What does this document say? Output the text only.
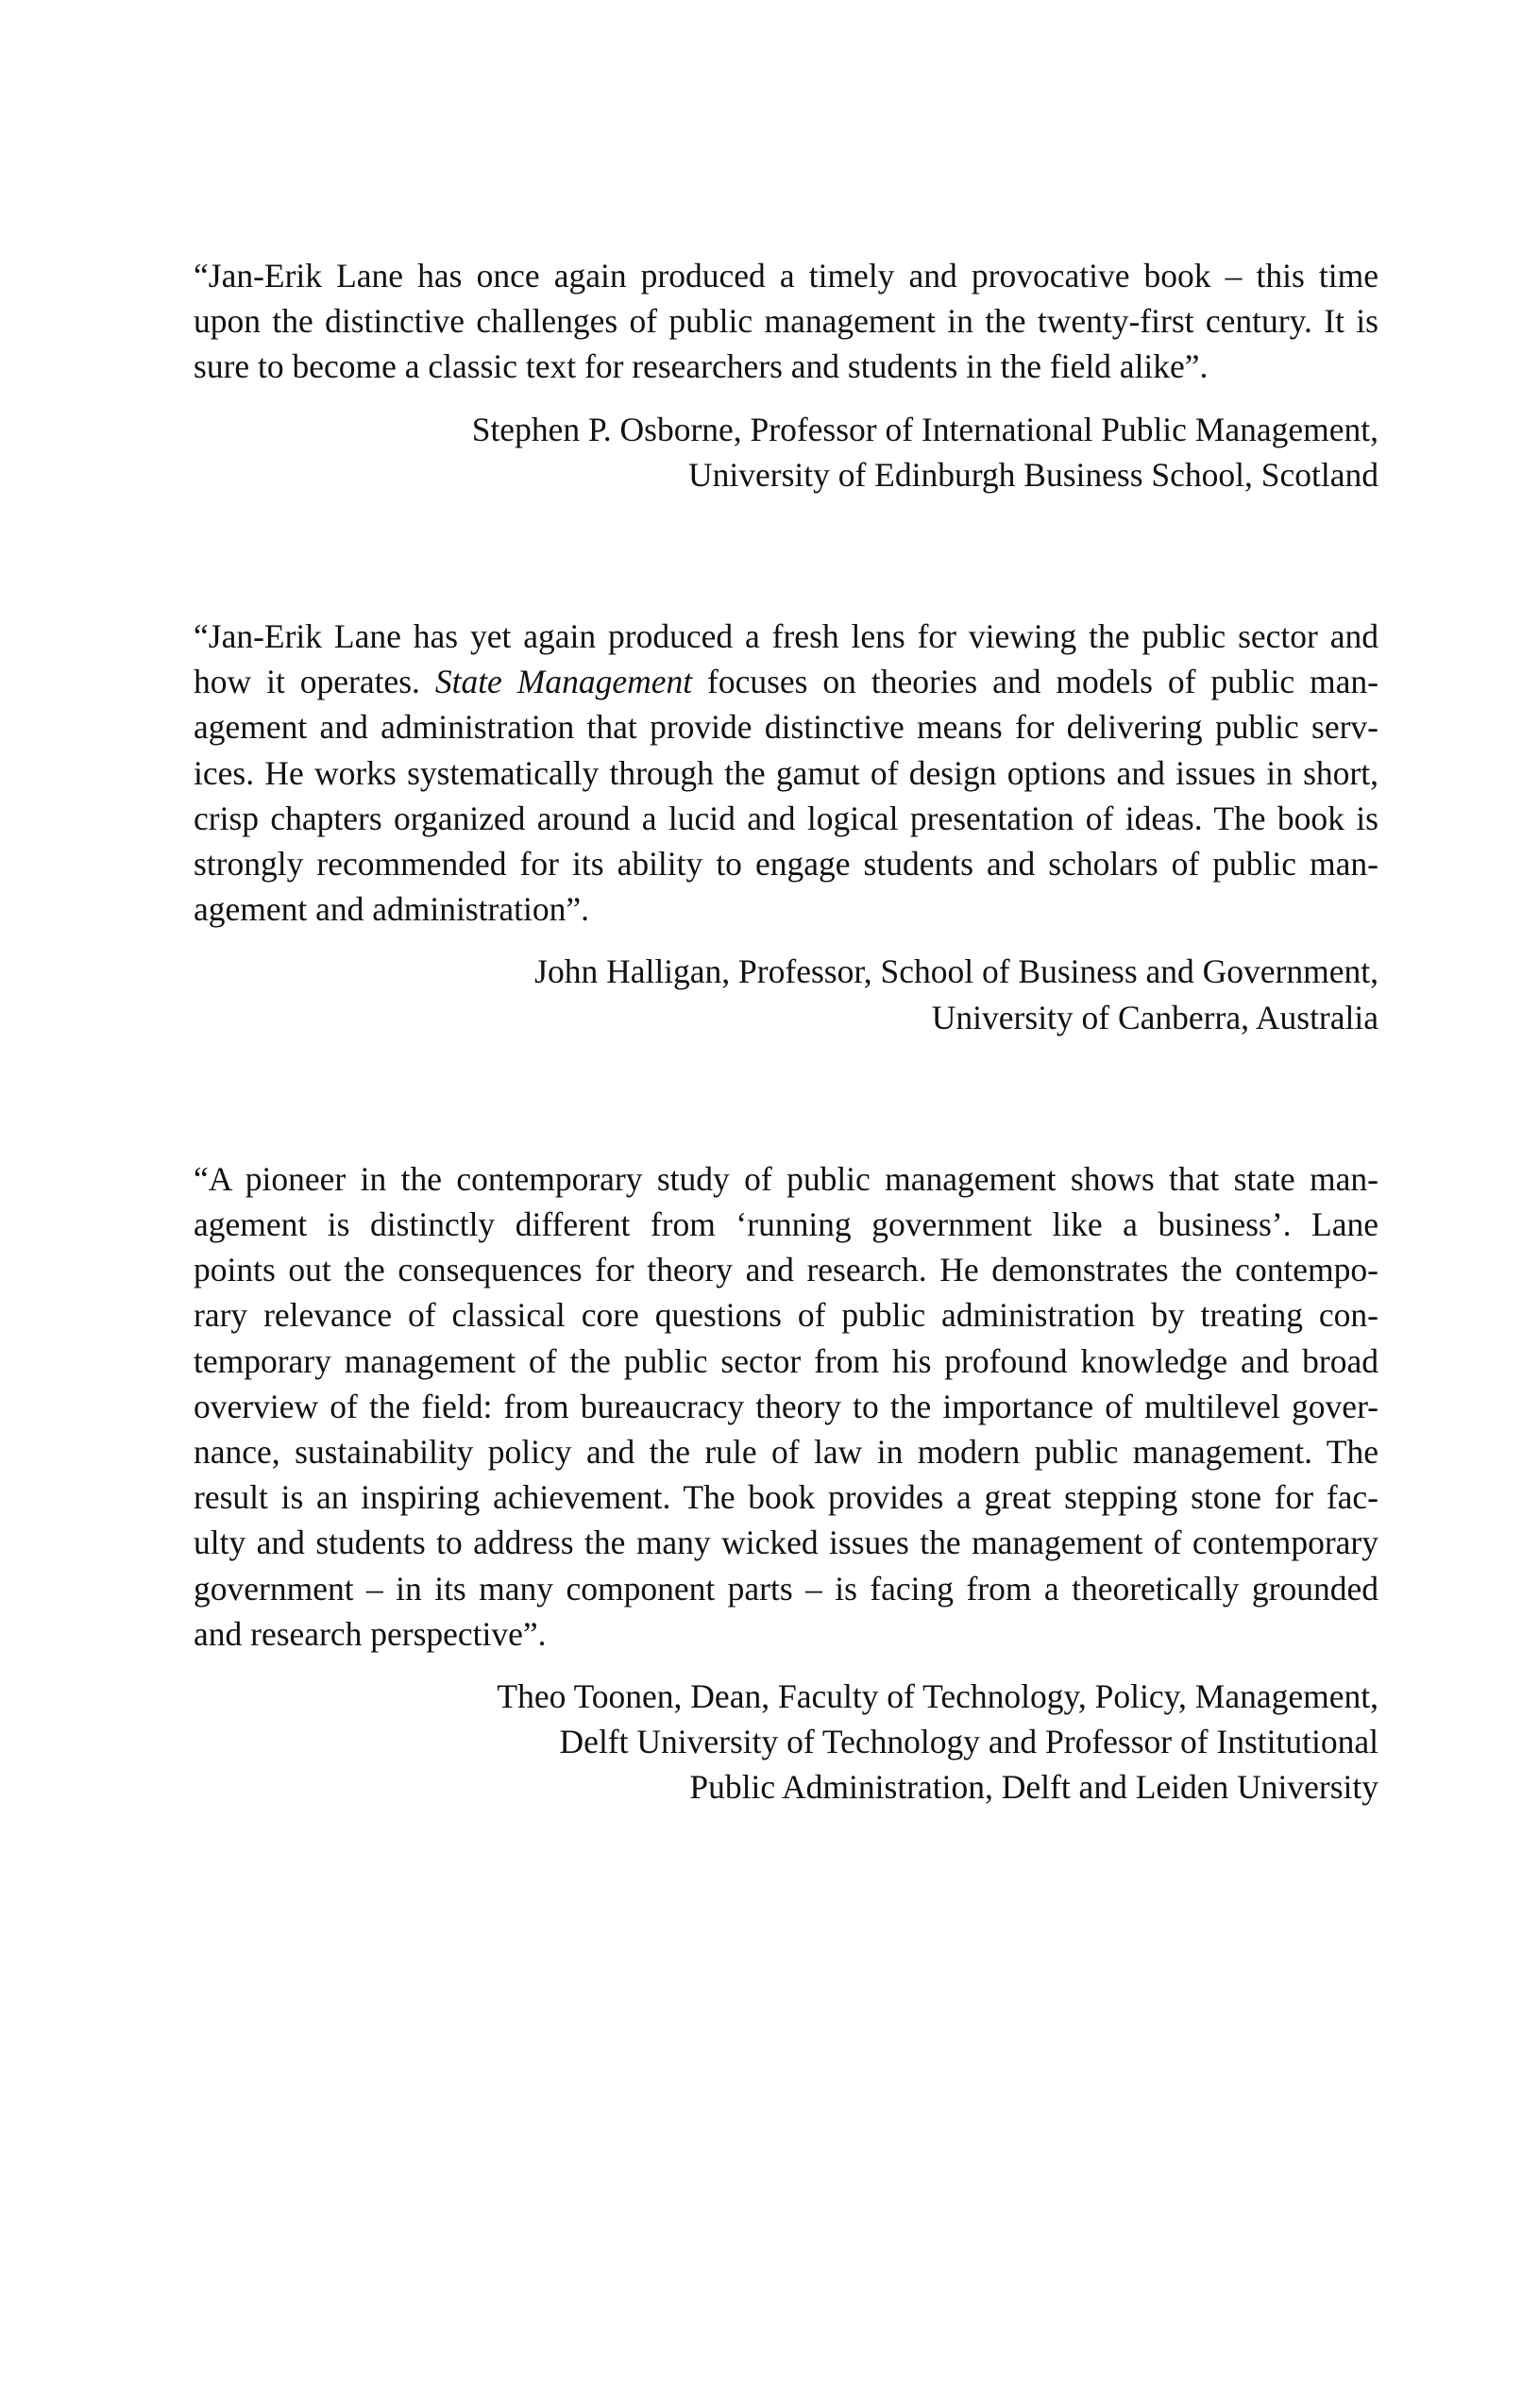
“Jan-Erik Lane has once again produced a timely and provocative book – this time
upon the distinctive challenges of public management in the twenty-first century. It is
sure to become a classic text for researchers and students in the field alike”.

Stephen P. Osborne, Professor of International Public Management,
University of Edinburgh Business School, Scotland

“Jan-Erik Lane has yet again produced a fresh lens for viewing the public sector and
how it operates. State Management focuses on theories and models of public man-
agement and administration that provide distinctive means for delivering public serv-
ices. He works systematically through the gamut of design options and issues in short,
crisp chapters organized around a lucid and logical presentation of ideas. The book is
strongly recommended for its ability to engage students and scholars of public man-
agement and administration”.

John Halligan, Professor, School of Business and Government,
University of Canberra, Australia

“A pioneer in the contemporary study of public management shows that state man-
agement is distinctly different from ‘running government like a business’. Lane
points out the consequences for theory and research. He demonstrates the contempo-
rary relevance of classical core questions of public administration by treating con-
temporary management of the public sector from his profound knowledge and broad
overview of the field: from bureaucracy theory to the importance of multilevel gover-
nance, sustainability policy and the rule of law in modern public management. The
result is an inspiring achievement. The book provides a great stepping stone for fac-
ulty and students to address the many wicked issues the management of contemporary
government – in its many component parts – is facing from a theoretically grounded
and research perspective”.

Theo Toonen, Dean, Faculty of Technology, Policy, Management,
Delft University of Technology and Professor of Institutional
Public Administration, Delft and Leiden University
